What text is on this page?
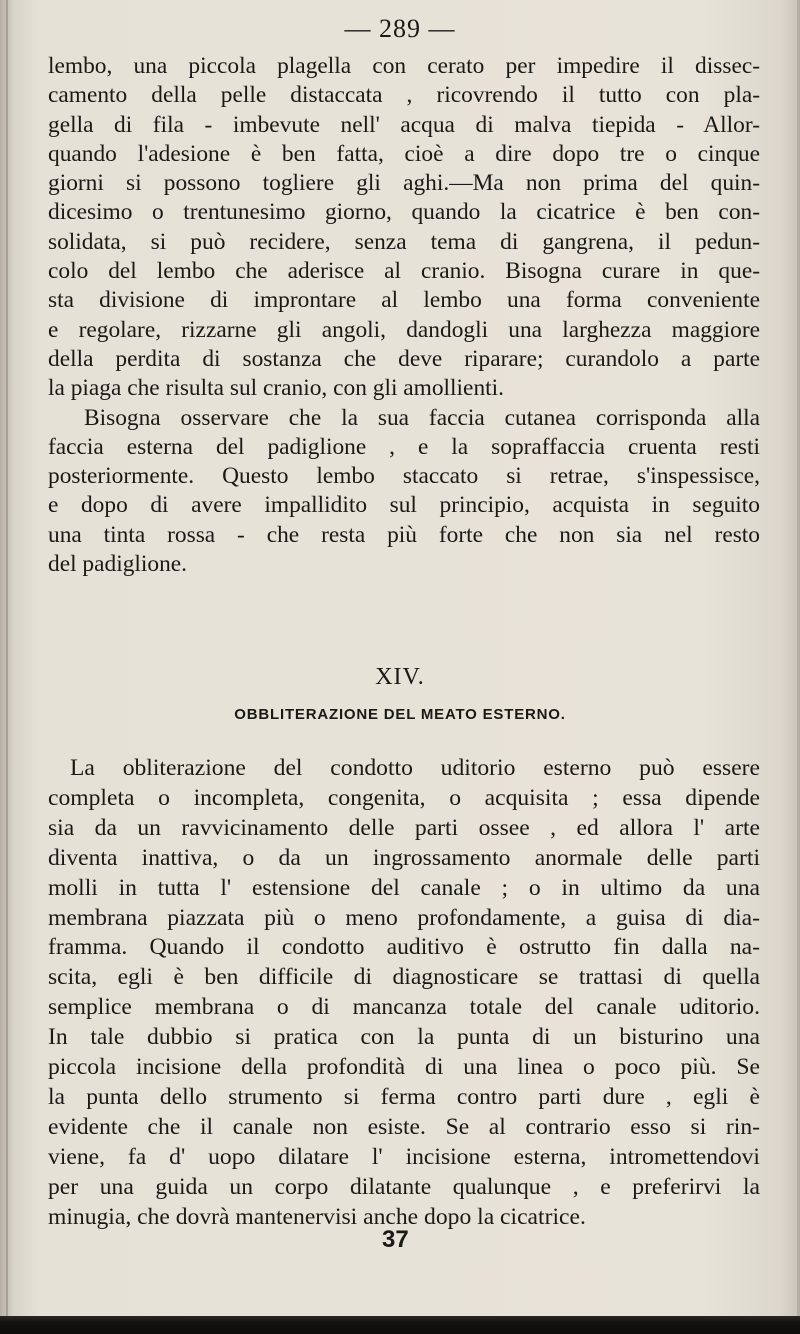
— 289 —
lembo, una piccola plagella con cerato per impedire il dissec-
camento della pelle distaccata , ricovrendo il tutto con pla-
gella di fila - imbevute nell' acqua di malva tiepida - Allor-
quando l'adesione è ben fatta, cioè a dire dopo tre o cinque
giorni si possono togliere gli aghi.—Ma non prima del quin-
dicesimo o trentunesimo giorno, quando la cicatrice è ben con-
solidata, si può recidere, senza tema di gangrena, il pedun-
colo del lembo che aderisce al cranio. Bisogna curare in que-
sta divisione di improntare al lembo una forma conveniente
e regolare, rizzarne gli angoli, dandogli una larghezza maggiore
della perdita di sostanza che deve riparare; curandolo a parte
la piaga che risulta sul cranio, con gli amollienti.
Bisogna osservare che la sua faccia cutanea corrisponda alla
faccia esterna del padiglione , e la sopraffaccia cruenta resti
posteriormente. Questo lembo staccato si retrae, s'inspessisce,
e dopo di avere impallidito sul principio, acquista in seguito
una tinta rossa - che resta più forte che non sia nel resto
del padiglione.
XIV.
OBBLITERAZIONE DEL MEATO ESTERNO.
La obliterazione del condotto uditorio esterno può essere
completa o incompleta, congenita, o acquisita ; essa dipende
sia da un ravvicinamento delle parti ossee , ed allora l' arte
diventa inattiva, o da un ingrossamento anormale delle parti
molli in tutta l' estensione del canale ; o in ultimo da una
membrana piazzata più o meno profondamente, a guisa di dia-
framma. Quando il condotto auditivo è ostrutto fin dalla na-
scita, egli è ben difficile di diagnosticare se trattasi di quella
semplice membrana o di mancanza totale del canale uditorio.
In tale dubbio si pratica con la punta di un bisturino una
piccola incisione della profondità di una linea o poco più. Se
la punta dello strumento si ferma contro parti dure , egli è
evidente che il canale non esiste. Se al contrario esso si rin-
viene, fa d' uopo dilatare l' incisione esterna, intromettendovi
per una guida un corpo dilatante qualunque , e preferirvi la
minugia, che dovrà mantenervisi anche dopo la cicatrice.
37
